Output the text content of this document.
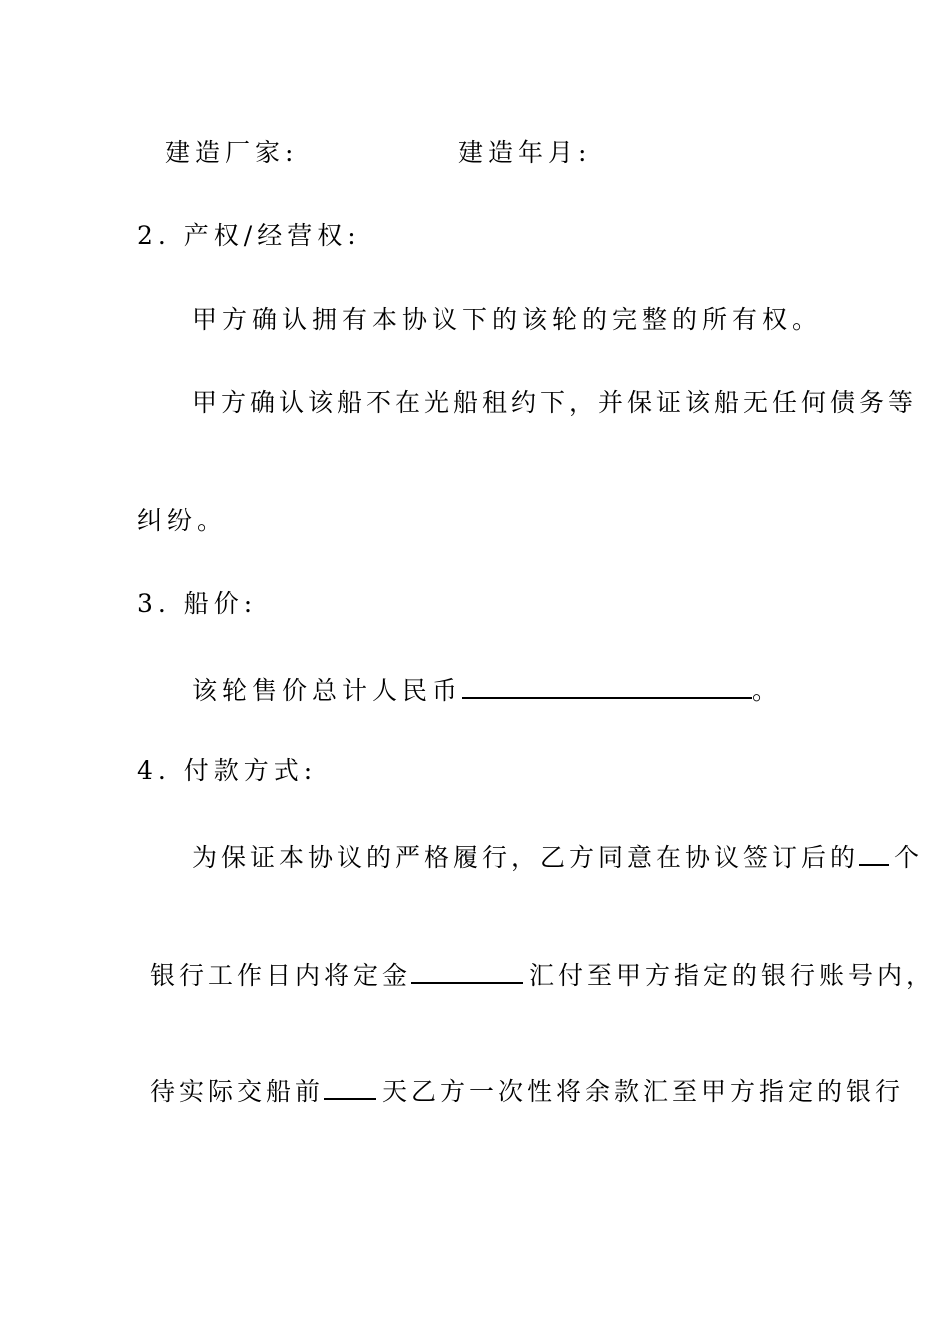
建造厂家:	建造年月:
2. 产权/经营权:
甲方确认拥有本协议下的该轮的完整的所有权。
甲方确认该船不在光船租约下，并保证该船无任何债务等
纠纷。
3. 船价:
该轮售价总计人民币	。
4. 付款方式:
为保证本协议的严格履行，乙方同意在协议签订后的 个
银行工作日内将定金	汇付至甲方指定的银行账号内，
待实际交船前 天乙方一次性将余款汇至甲方指定的银行
